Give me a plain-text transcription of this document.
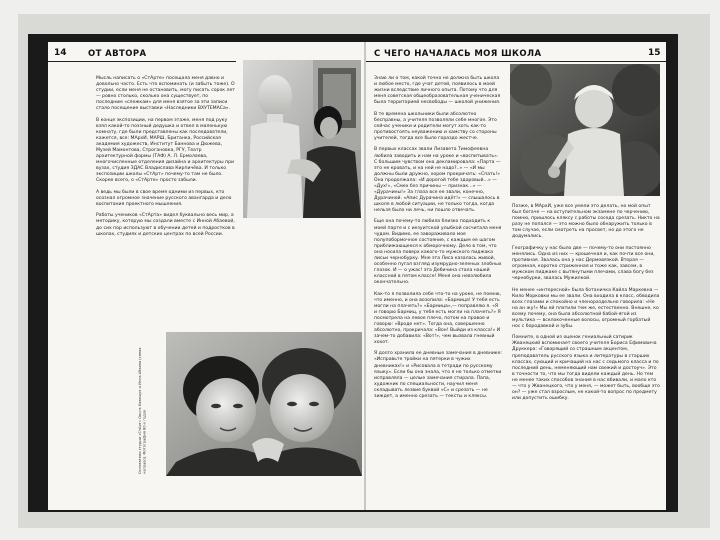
14	ОТ АВТОРА

Мысль написать о «СтАрте» посещала меня давно и довольно часто. Есть что вспоминать (и забыть тоже). О студии, если меня не остановить, могу писать сорок лет — ровно столько, сколько она существует, по последним «слежкам» для меня взятое за эти записи стало посещение выставки «Наследники ВХУТЕМАСа».

В конце экспозиции, на первом этаже, меня под руку взял какой-то поэзный дедушка и отвел в маленькую комнату, где были представлены как последователи, кажется, все: МАрхИ, МАРШ, Британка, Российская академия художеств, Институт Баннова и Дюжева, Музей Мамонтова, Строгановка, РГУ, Театр архитектурной формы (ТАФ) А. Л. Ермолаева, многочисленные отделения дизайна и архитектуры при вузах, студия ЗДАС Владислава Кирпичёва. И только экспозиции школы «СтАрт» почему-то там не было. Скорее всего, о «СтАрте» просто забыли.

А ведь мы были в свое время одними из первых, кто осознал огромное значение русского авангарда и дело воспитания проектного мышления.

Работы учеников «СтАрта» видел буквально весь мир, а методику, которую мы создали вместе с Инной Абаевой, до сих пор используют в обучении детей и подростков в школах, студиях и детских центрах по всей России.

Основатели студии «СтАрт» Ольга Кавешук и Инна Абаева (слева направо). Фотография 80-х годов
С ЧЕГО НАЧАЛАСЬ МОЯ ШКОЛА	15

Знаю ли о том, какой точно не должна быть школа и любое место, где учат детей, появилось в моей жизни вследствие личного опыта. Потому что для меня советская общеобразовательная ученическая была территорией несвободы — школой унижения.

В те времена школьники были абсолютно бесправны, а учителя позволяли себе многое. Это сейчас ученики и родители могут хоть как-то противостоять неуважению и хамству со стороны учителей, тогда все было гораздо жестче.

В первых классах звали Лизавета Тимофеевна любила заводить и нам на уроке и «воспитывать». С большим чувством она декламировала: «Парта — это не кровать, и на ней не надо?..» — «И мы должны были дружно, хором прокричать: «Спать!» Она продолжала: «И дорогой тебе здоровый…» — «Дух!», «Смех без причины — признак…» — «Дурачины!» За глаза все ее звали, конечно, Дурачиной. «Апис Дурачина идёт!» — слышалось в школе в любой ситуации, не только тогда, когда нельзя было ни лечь, ни пошло отвечать.

Еще она почему-то любила близко подходить к моей парте и с иезуитской улыбкой сосчитала меня чудом. Видимо, ее завораживало мое полупобормочное состояние, с каждым ее шагом приближающееся к обморочному. Дело в том, что она носила поверх какого-то мужского пиджака лисьи чернобурку. Мне эта Лиса казалась живой, особенно пугал взгляд изумрудно-зеленых злобных глазок. И — о ужас! эта Дебичина стала нашей классной в пятом классе! Меня она невзлюбила окончательно.

Как-то я позволила себе что-то на уроке, не помню, что именно, и она возопила: «Бармица! У тебя есть могли на плачеть?» «Бармица»,— поправляю я. «Я и говорю Бармиц, у тебя есть могли на плачеть?» Я посмотрела на левое плечо, потом на правое и говорю: «Вроде нет». Тогда она, совершенно абсолютно, прокричала: «Вон! Выйди из класса!» И зачем-то добавила: «Вот!», чем вызвала гневный хохот.

Я долго хранила ее дневные замечания в дневнике: «Исправьте тройки на пятерки в чужих дневниках!» и «Рисовала в тетради по русскому языку». Если бы она знала, что я не только отметки исправляла — целые замечания стирала. Папа, художник по специальности, научил меня складывать лезвие буквой «С» и срезать — не зиждет, а именно срезать — тексты и кляксы.

Позже, в МАрхИ, уже все умели это делать, но мой опыт был богаче — на вступительном экзамене по черчению, помню, пришлось кляксу с работы соседа срезать. Никто на разу не попался — это можно было обнаружить только в том случае, если смотреть на просвет, но до этого не додумались.

Географичку у нас было две — почему-то они постоянно менялись. Одна из них — крошечная и, как почти все они, противная. Звалась она у нас Дермовязкой. Вторая — огромная, коротко стриженная и тоже как, завсем, в мужском пиджаке с вытянутыми плечами, слава богу без чернобурки, звалась Мужилкой.

Не менее «интересной» была ботаничка Кайла Маркевна — Кило Морковки мы ее звали. Она входила в класс, обводила всех глазами и спокойно и членораздельно говорила: «Не на ан жу!» Мы ей платили тем же, естественно. Внешне, ко всему почему, она была абсолютной бабой-ягой из мультика — всклокоченные волосы, огромный горбатый нос с бородавкой и зубы.

Помните, в одной из оценок гениальный сатирик Жванецкий вспоминает своего учителя Бориса Ефимовича Друккера: «Говорящий со страшным акцентом, преподаватель русского языка и литературы в старших классах, сующий и кричащий на нас с седьмого класса и по последний день, неменяющий нам свежий и достоуч». Это в точности то, что мы тогда видели каждый день. Но тем не менее таких способов знания в нас вбивали, и мало кто — что у Жванецкого, что у меня, — может быть, вообще это он? — уже стал взрослым, не какой-то вопрос по предмету или допустить ошибку.
